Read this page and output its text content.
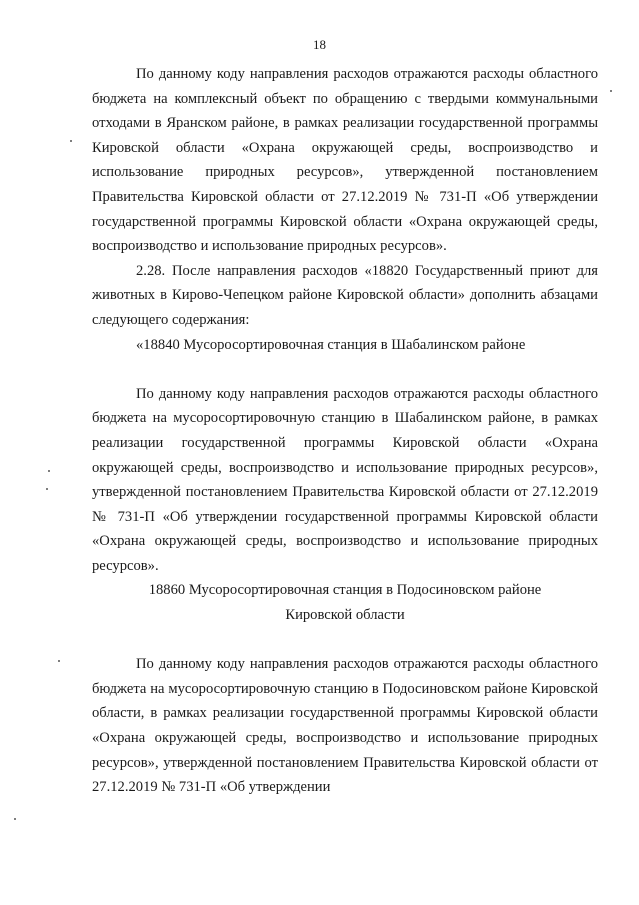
18

По данному коду направления расходов отражаются расходы областного бюджета на комплексный объект по обращению с твердыми коммунальными отходами в Яранском районе, в рамках реализации государственной программы Кировской области «Охрана окружающей среды, воспроизводство и использование природных ресурсов», утвержденной постановлением Правительства Кировской области от 27.12.2019 № 731-П «Об утверждении государственной программы Кировской области «Охрана окружающей среды, воспроизводство и использование природных ресурсов».

2.28. После направления расходов «18820 Государственный приют для животных в Кирово-Чепецком районе Кировской области» дополнить абзацами следующего содержания:

«18840 Мусоросортировочная станция в Шабалинском районе

По данному коду направления расходов отражаются расходы областного бюджета на мусоросортировочную станцию в Шабалинском районе, в рамках реализации государственной программы Кировской области «Охрана окружающей среды, воспроизводство и использование природных ресурсов», утвержденной постановлением Правительства Кировской области от 27.12.2019 № 731-П «Об утверждении государственной программы Кировской области «Охрана окружающей среды, воспроизводство и использование природных ресурсов».

18860 Мусоросортировочная станция в Подосиновском районе

Кировской области

По данному коду направления расходов отражаются расходы областного бюджета на мусоросортировочную станцию в Подосиновском районе Кировской области, в рамках реализации государственной программы Кировской области «Охрана окружающей среды, воспроизводство и использование природных ресурсов», утвержденной постановлением Правительства Кировской области от 27.12.2019 № 731-П «Об утверждении
